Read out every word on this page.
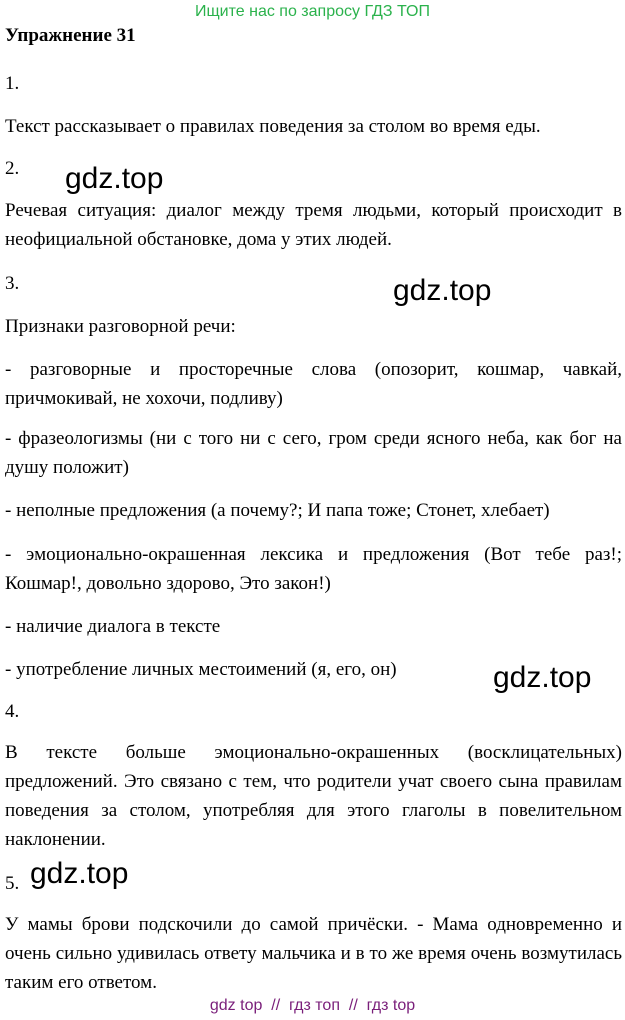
Ищите нас по запросу ГДЗ ТОП
Упражнение 31
1.

Текст рассказывает о правилах поведения за столом во время еды.

2.

Речевая ситуация: диалог между тремя людьми, который происходит в неофициальной обстановке, дома у этих людей.

3.

Признаки разговорной речи:

- разговорные и просторечные слова (опозорит, кошмар, чавкай, причмокивай, не хохочи, подливу)

- фразеологизмы (ни с того ни с сего, гром среди ясного неба, как бог на душу положит)

- неполные предложения (а почему?; И папа тоже; Стонет, хлебает)

- эмоционально-окрашенная лексика и предложения (Вот тебе раз!; Кошмар!, довольно здорово, Это закон!)

- наличие диалога в тексте

- употребление личных местоимений (я, его, он)

4.

В тексте больше эмоционально-окрашенных (восклицательных) предложений. Это связано с тем, что родители учат своего сына правилам поведения за столом, употребляя для этого глаголы в повелительном наклонении.

5.

У мамы брови подскочили до самой причёски. - Мама одновременно и очень сильно удивилась ответу мальчика и в то же время очень возмутилась таким его ответом.

gdz.top
gdz.top
gdz.top
gdz.top
gdz top  //  гдз топ  //  гдз top
